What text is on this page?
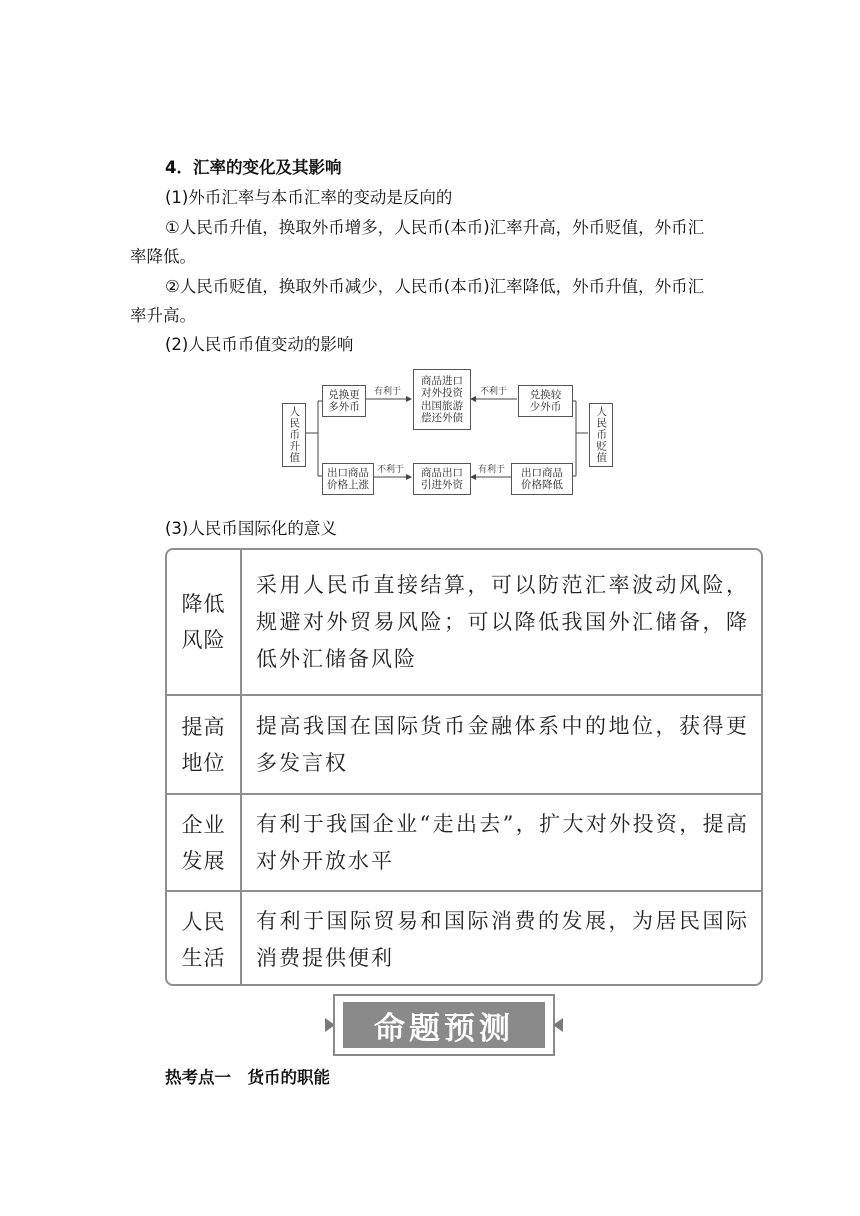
4．汇率的变化及其影响
(1)外币汇率与本币汇率的变动是反向的
①人民币升值，换取外币增多，人民币(本币)汇率升高，外币贬值，外币汇
率降低。
②人民币贬值，换取外币减少，人民币(本币)汇率降低，外币升值，外币汇
率升高。
(2)人民币币值变动的影响
人民币升值	人民币贬值
兑换更
多外币
商品进口
对外投资
出国旅游
偿还外债
兑换较
少外币
出口商品
价格上涨
商品出口
引进外资
出口商品
价格降低
有利于	不利于
不利于	有利于
(3)人民币国际化的意义
降低风险
采用人民币直接结算，可以防范汇率波动风险，规避对外贸易风险；可以降低我国外汇储备，降低外汇储备风险
提高地位
提高我国在国际货币金融体系中的地位，获得更多发言权
企业发展
有利于我国企业“走出去”，扩大对外投资，提高对外开放水平
人民生活
有利于国际贸易和国际消费的发展，为居民国际消费提供便利
命题预测
热考点一　货币的职能
